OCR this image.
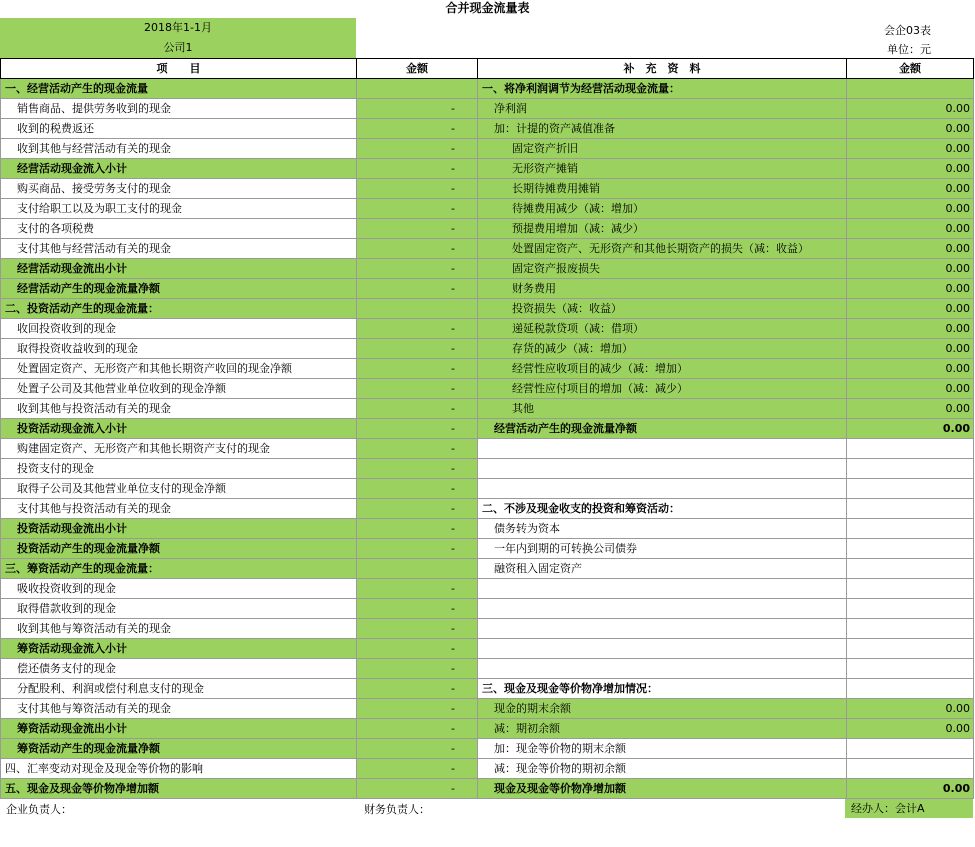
合并现金流量表
2018年1-1月
公司1
会企03表
单位：元
项　　目	金额	补　充　资　料	金额
一、经营活动产生的现金流量		一、将净利润调节为经营活动现金流量：	
销售商品、提供劳务收到的现金	-	净利润	0.00
收到的税费返还	-	加：计提的资产减值准备	0.00
收到其他与经营活动有关的现金	-	固定资产折旧	0.00
经营活动现金流入小计	-	无形资产摊销	0.00
购买商品、接受劳务支付的现金	-	长期待摊费用摊销	0.00
支付给职工以及为职工支付的现金	-	待摊费用减少（减：增加）	0.00
支付的各项税费	-	预提费用增加（减：减少）	0.00
支付其他与经营活动有关的现金	-	处置固定资产、无形资产和其他长期资产的损失（减：收益）	0.00
经营活动现金流出小计	-	固定资产报废损失	0.00
经营活动产生的现金流量净额	-	财务费用	0.00
二、投资活动产生的现金流量：		投资损失（减：收益）	0.00
收回投资收到的现金	-	递延税款贷项（减：借项）	0.00
取得投资收益收到的现金	-	存货的减少（减：增加）	0.00
处置固定资产、无形资产和其他长期资产收回的现金净额	-	经营性应收项目的减少（减：增加）	0.00
处置子公司及其他营业单位收到的现金净额	-	经营性应付项目的增加（减：减少）	0.00
收到其他与投资活动有关的现金	-	其他	0.00
投资活动现金流入小计	-	经营活动产生的现金流量净额	0.00
购建固定资产、无形资产和其他长期资产支付的现金	-		
投资支付的现金	-		
取得子公司及其他营业单位支付的现金净额	-		
支付其他与投资活动有关的现金	-	二、不涉及现金收支的投资和筹资活动：	
投资活动现金流出小计	-	债务转为资本	
投资活动产生的现金流量净额	-	一年内到期的可转换公司债券	
三、筹资活动产生的现金流量：		融资租入固定资产	
吸收投资收到的现金	-		
取得借款收到的现金	-		
收到其他与筹资活动有关的现金	-		
筹资活动现金流入小计	-		
偿还债务支付的现金	-		
分配股利、利润或偿付利息支付的现金	-	三、现金及现金等价物净增加情况：	
支付其他与筹资活动有关的现金	-	现金的期末余额	0.00
筹资活动现金流出小计	-	减：期初余额	0.00
筹资活动产生的现金流量净额	-	加：现金等价物的期末余额	
四、汇率变动对现金及现金等价物的影响	-	减：现金等价物的期初余额	
五、现金及现金等价物净增加额	-	现金及现金等价物净增加额	0.00
企业负责人：	财务负责人：	经办人：会计A
